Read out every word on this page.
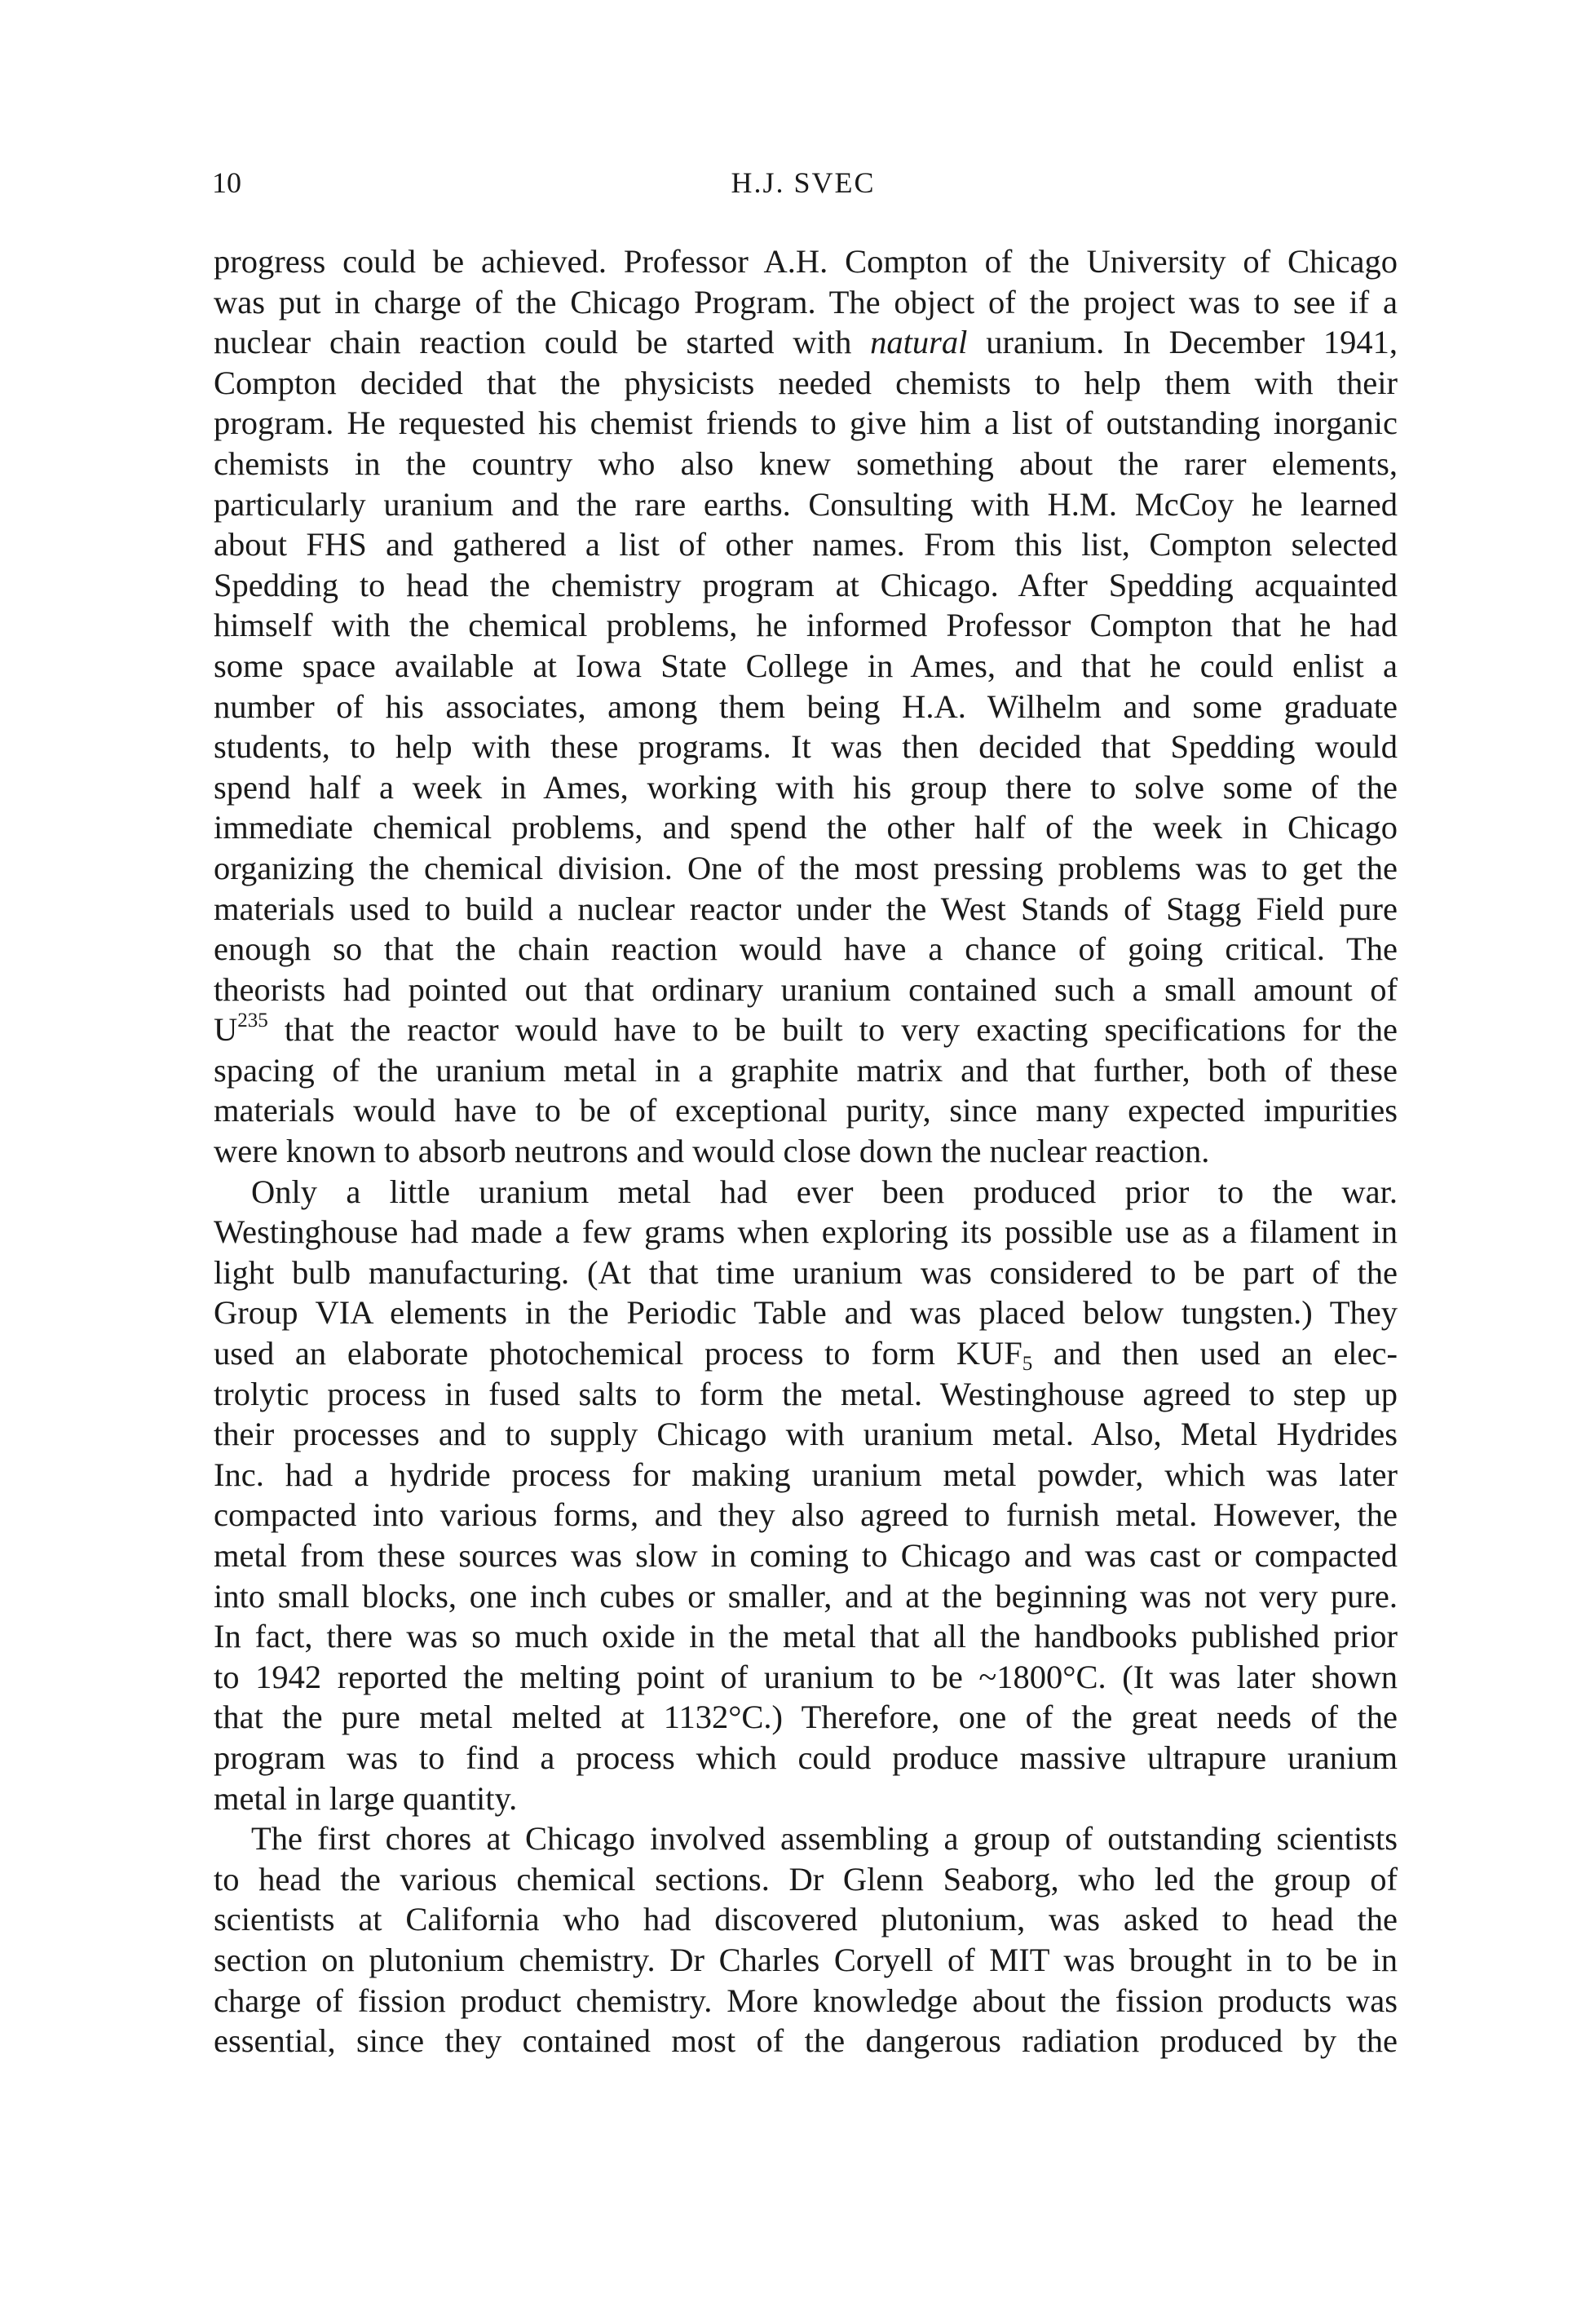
10	H.J. SVEC
progress could be achieved. Professor A.H. Compton of the University of Chicago
was put in charge of the Chicago Program. The object of the project was to see if a
nuclear chain reaction could be started with natural uranium. In December 1941,
Compton decided that the physicists needed chemists to help them with their
program. He requested his chemist friends to give him a list of outstanding inorganic
chemists in the country who also knew something about the rarer elements,
particularly uranium and the rare earths. Consulting with H.M. McCoy he learned
about FHS and gathered a list of other names. From this list, Compton selected
Spedding to head the chemistry program at Chicago. After Spedding acquainted
himself with the chemical problems, he informed Professor Compton that he had
some space available at Iowa State College in Ames, and that he could enlist a
number of his associates, among them being H.A. Wilhelm and some graduate
students, to help with these programs. It was then decided that Spedding would
spend half a week in Ames, working with his group there to solve some of the
immediate chemical problems, and spend the other half of the week in Chicago
organizing the chemical division. One of the most pressing problems was to get the
materials used to build a nuclear reactor under the West Stands of Stagg Field pure
enough so that the chain reaction would have a chance of going critical. The
theorists had pointed out that ordinary uranium contained such a small amount of
$U^{235}$ that the reactor would have to be built to very exacting specifications for the
spacing of the uranium metal in a graphite matrix and that further, both of these
materials would have to be of exceptional purity, since many expected impurities
were known to absorb neutrons and would close down the nuclear reaction.
Only a little uranium metal had ever been produced prior to the war.
Westinghouse had made a few grams when exploring its possible use as a filament in
light bulb manufacturing. (At that time uranium was considered to be part of the
Group VIA elements in the Periodic Table and was placed below tungsten.) They
used an elaborate photochemical process to form $KUF_5$ and then used an elec-
trolytic process in fused salts to form the metal. Westinghouse agreed to step up
their processes and to supply Chicago with uranium metal. Also, Metal Hydrides
Inc. had a hydride process for making uranium metal powder, which was later
compacted into various forms, and they also agreed to furnish metal. However, the
metal from these sources was slow in coming to Chicago and was cast or compacted
into small blocks, one inch cubes or smaller, and at the beginning was not very pure.
In fact, there was so much oxide in the metal that all the handbooks published prior
to 1942 reported the melting point of uranium to be ~1800°C. (It was later shown
that the pure metal melted at 1132°C.) Therefore, one of the great needs of the
program was to find a process which could produce massive ultrapure uranium
metal in large quantity.
The first chores at Chicago involved assembling a group of outstanding scientists
to head the various chemical sections. Dr Glenn Seaborg, who led the group of
scientists at California who had discovered plutonium, was asked to head the
section on plutonium chemistry. Dr Charles Coryell of MIT was brought in to be in
charge of fission product chemistry. More knowledge about the fission products was
essential, since they contained most of the dangerous radiation produced by the
